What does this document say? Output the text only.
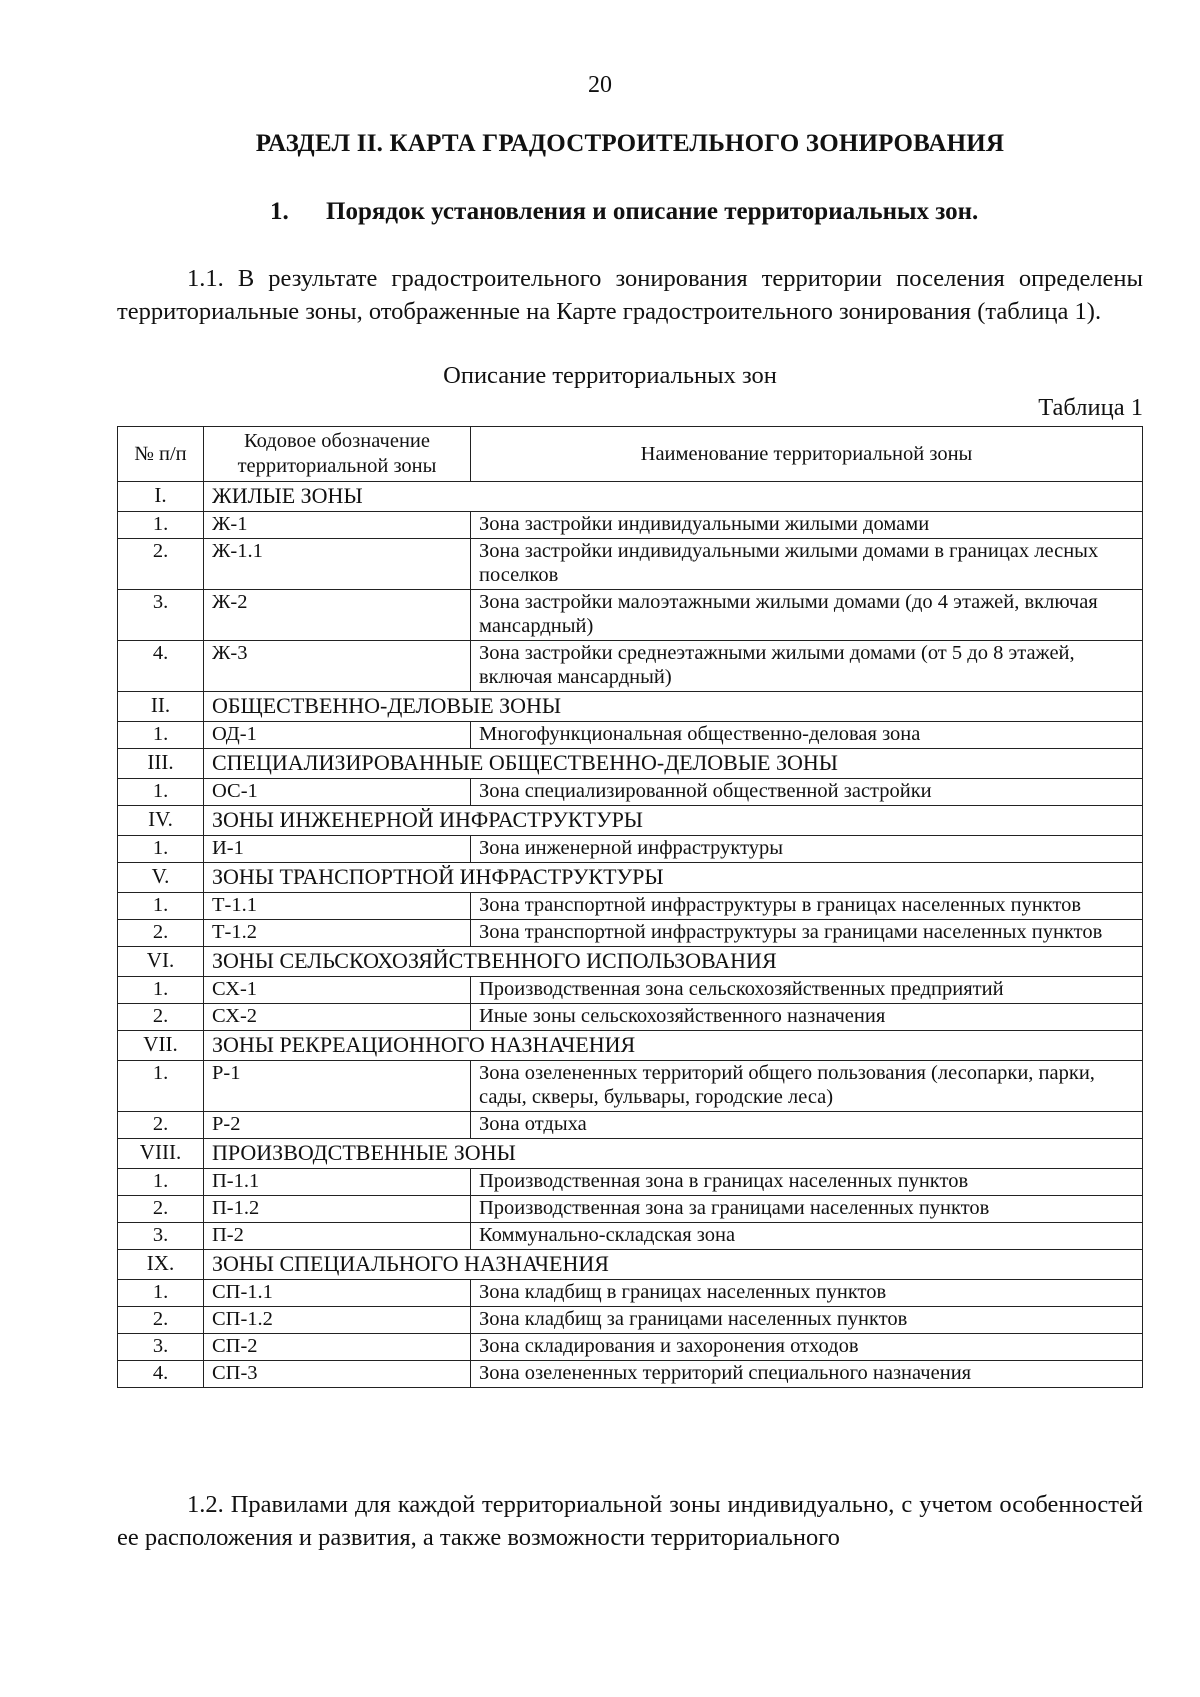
20
РАЗДЕЛ II. КАРТА ГРАДОСТРОИТЕЛЬНОГО ЗОНИРОВАНИЯ
1. Порядок установления и описание территориальных зон.
1.1. В результате градостроительного зонирования территории поселения определены территориальные зоны, отображенные на Карте градостроительного зонирования (таблица 1).
Описание территориальных зон
Таблица 1
№ п/п	Кодовое обозначение территориальной зоны	Наименование территориальной зоны
I.	ЖИЛЫЕ ЗОНЫ	
1.	Ж-1	Зона застройки индивидуальными жилыми домами
2.	Ж-1.1	Зона застройки индивидуальными жилыми домами в границах лесных поселков
3.	Ж-2	Зона застройки малоэтажными жилыми домами (до 4 этажей, включая мансардный)
4.	Ж-3	Зона застройки среднеэтажными жилыми домами (от 5 до 8 этажей, включая мансардный)
II.	ОБЩЕСТВЕННО-ДЕЛОВЫЕ ЗОНЫ	
1.	ОД-1	Многофункциональная общественно-деловая зона
III.	СПЕЦИАЛИЗИРОВАННЫЕ ОБЩЕСТВЕННО-ДЕЛОВЫЕ ЗОНЫ	
1.	ОС-1	Зона специализированной общественной застройки
IV.	ЗОНЫ ИНЖЕНЕРНОЙ ИНФРАСТРУКТУРЫ	
1.	И-1	Зона инженерной инфраструктуры
V.	ЗОНЫ ТРАНСПОРТНОЙ ИНФРАСТРУКТУРЫ	
1.	Т-1.1	Зона транспортной инфраструктуры в границах населенных пунктов
2.	Т-1.2	Зона транспортной инфраструктуры за границами населенных пунктов
VI.	ЗОНЫ СЕЛЬСКОХОЗЯЙСТВЕННОГО ИСПОЛЬЗОВАНИЯ	
1.	СХ-1	Производственная зона сельскохозяйственных предприятий
2.	СХ-2	Иные зоны сельскохозяйственного назначения
VII.	ЗОНЫ РЕКРЕАЦИОННОГО НАЗНАЧЕНИЯ	
1.	Р-1	Зона озелененных территорий общего пользования (лесопарки, парки, сады, скверы, бульвары, городские леса)
2.	Р-2	Зона отдыха
VIII.	ПРОИЗВОДСТВЕННЫЕ ЗОНЫ	
1.	П-1.1	Производственная зона в границах населенных пунктов
2.	П-1.2	Производственная зона за границами населенных пунктов
3.	П-2	Коммунально-складская зона
IX.	ЗОНЫ СПЕЦИАЛЬНОГО НАЗНАЧЕНИЯ	
1.	СП-1.1	Зона кладбищ в границах населенных пунктов
2.	СП-1.2	Зона кладбищ за границами населенных пунктов
3.	СП-2	Зона складирования и захоронения отходов
4.	СП-3	Зона озелененных территорий специального назначения
1.2. Правилами для каждой территориальной зоны индивидуально, с учетом особенностей ее расположения и развития, а также возможности территориального
